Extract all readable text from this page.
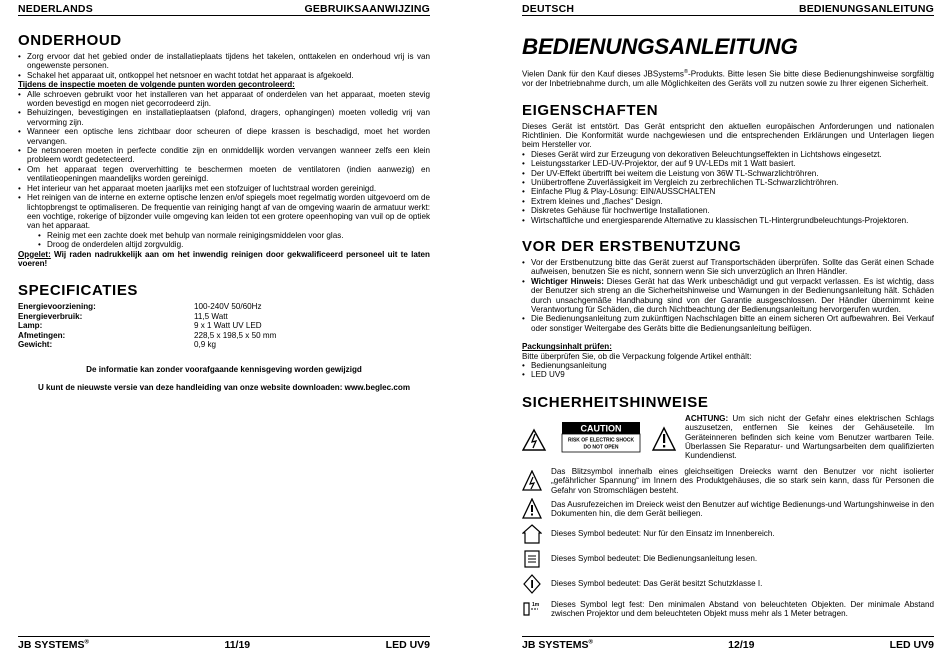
NEDERLANDS	GEBRUIKSAANWIJZING
ONDERHOUD
• Zorg ervoor dat het gebied onder de installatieplaats tijdens het takelen, onttakelen en onderhoud vrij is van ongewenste personen.
• Schakel het apparaat uit, ontkoppel het netsnoer en wacht totdat het apparaat is afgekoeld.

Tijdens de inspectie moeten de volgende punten worden gecontroleerd:

• Alle schroeven gebruikt voor het installeren van het apparaat of onderdelen van het apparaat, moeten stevig worden bevestigd en mogen niet gecorrodeerd zijn.
• Behuizingen, bevestigingen en installatieplaatsen (plafond, dragers, ophangingen) moeten volledig vrij van vervorming zijn.
• Wanneer een optische lens zichtbaar door scheuren of diepe krassen is beschadigd, moet het worden vervangen.
• De netsnoeren moeten in perfecte conditie zijn en onmiddellijk worden vervangen wanneer zelfs een klein probleem wordt gedetecteerd.
• Om het apparaat tegen oververhitting te beschermen moeten de ventilatoren (indien aanwezig) en ventilatieopeningen maandelijks worden gereinigd.
• Het interieur van het apparaat moeten jaarlijks met een stofzuiger of luchtstraal worden gereinigd.
• Het reinigen van de interne en externe optische lenzen en/of spiegels moet regelmatig worden uitgevoerd om de lichtopbrengst te optimaliseren. De frequentie van reiniging hangt af van de omgeving waarin de armatuur werkt: een vochtige, rokerige of bijzonder vuile omgeving kan leiden tot een grotere opeenhoping van vuil op de optiek van het apparaat.
• Reinig met een zachte doek met behulp van normale reinigingsmiddelen voor glas.
• Droog de onderdelen altijd zorgvuldig.

Opgelet: Wij raden nadrukkelijk aan om het inwendig reinigen door gekwalificeerd personeel uit te laten voeren!

SPECIFICATIES
Energievoorziening:	100-240V 50/60Hz
Energieverbruik:	11,5 Watt
Lamp:	9 x 1 Watt UV LED
Afmetingen:	228,5 x 198,5 x 50 mm
Gewicht:	0,9 kg

De informatie kan zonder voorafgaande kennisgeving worden gewijzigd

U kunt de nieuwste versie van deze handleiding van onze website downloaden: www.beglec.com

JB SYSTEMS®	11/19	LED UV9
DEUTSCH	BEDIENUNGSANLEITUNG
BEDIENUNGSANLEITUNG

Vielen Dank für den Kauf dieses JBSystems®-Produkts. Bitte lesen Sie bitte diese Bedienungshinweise sorgfältig vor der Inbetriebnahme durch, um alle Möglichkeiten des Geräts voll zu nutzen sowie zu Ihrer eigenen Sicherheit.

EIGENSCHAFTEN

Dieses Gerät ist entstört. Das Gerät entspricht den aktuellen europäischen Anforderungen und nationalen Richtlinien. Die Konformität wurde nachgewiesen und die entsprechenden Erklärungen und Unterlagen liegen beim Hersteller vor.

• Dieses Gerät wird zur Erzeugung von dekorativen Beleuchtungseffekten in Lichtshows eingesetzt.
• Leistungsstarker LED-UV-Projektor, der auf 9 UV-LEDs mit 1 Watt basiert.
• Der UV-Effekt übertrifft bei weitem die Leistung von 36W TL-Schwarzlichtröhren.
• Unübertroffene Zuverlässigkeit im Vergleich zu zerbrechlichen TL-Schwarzlichtröhren.
• Einfache Plug & Play-Lösung: EIN/AUSSCHALTEN
• Extrem kleines und „flaches“ Design.
• Diskretes Gehäuse für hochwertige Installationen.
• Wirtschaftliche und energiesparende Alternative zu klassischen TL-Hintergrundbeleuchtungs-Projektoren.
VOR DER ERSTBENUTZUNG
• Vor der Erstbenutzung bitte das Gerät zuerst auf Transportschäden überprüfen. Sollte das Gerät einen Schade aufweisen, benutzen Sie es nicht, sonnern wenn Sie sich unverzüglich an Ihren Händler.
• Wichtiger Hinweis: Dieses Gerät hat das Werk unbeschädigt und gut verpackt verlassen. Es ist wichtig, dass der Benutzer sich streng an die Sicherheitshinweise und Warnungen in der Bedienungsanleitung hält. Schäden durch unsachgemäße Handhabung sind von der Garantie ausgeschlossen. Der Händler übernimmt keine Verantwortung für Schäden, die durch Nichtbeachtung der Bedienungsanleitung hervorgerufen wurden.
• Die Bedienungsanleitung zum zukünftigen Nachschlagen bitte an einem sicheren Ort aufbewahren. Bei Verkauf oder sonstiger Weitergabe des Geräts bitte die Bedienungsanleitung beifügen.

Packungsinhalt prüfen:

Bitte überprüfen Sie, ob die Verpackung folgende Artikel enthält:

• Bedienungsanleitung
• LED UV9
SICHERHEITSHINWEISE
CAUTION
RISK OF ELECTRIC SHOCK
DO NOT OPEN

ACHTUNG: Um sich nicht der Gefahr eines elektrischen Schlags auszusetzen, entfernen Sie keines der Gehäuseteile. Im Geräteinneren befinden sich keine vom Benutzer wartbaren Teile. Überlassen Sie Reparatur- und Wartungsarbeiten dem qualifizierten Kundendienst.

Das Blitzsymbol innerhalb eines gleichseitigen Dreiecks warnt den Benutzer vor nicht isolierter „gefährlicher Spannung“ im Innern des Produktgehäuses, die so stark sein kann, dass für Personen die Gefahr von Stromschlägen besteht.

Das Ausrufezeichen im Dreieck weist den Benutzer auf wichtige Bedienungs-und Wartungshinweise in den Dokumenten hin, die dem Gerät beiliegen.

Dieses Symbol bedeutet: Nur für den Einsatz im Innenbereich.

Dieses Symbol bedeutet: Die Bedienungsanleitung lesen.

Dieses Symbol bedeutet: Das Gerät besitzt Schutzklasse I.

1m Dieses Symbol legt fest: Den minimalen Abstand von beleuchteten Objekten. Der minimale Abstand zwischen Projektor und dem beleuchteten Objekt muss mehr als 1 Meter betragen.

JB SYSTEMS®	12/19	LED UV9
